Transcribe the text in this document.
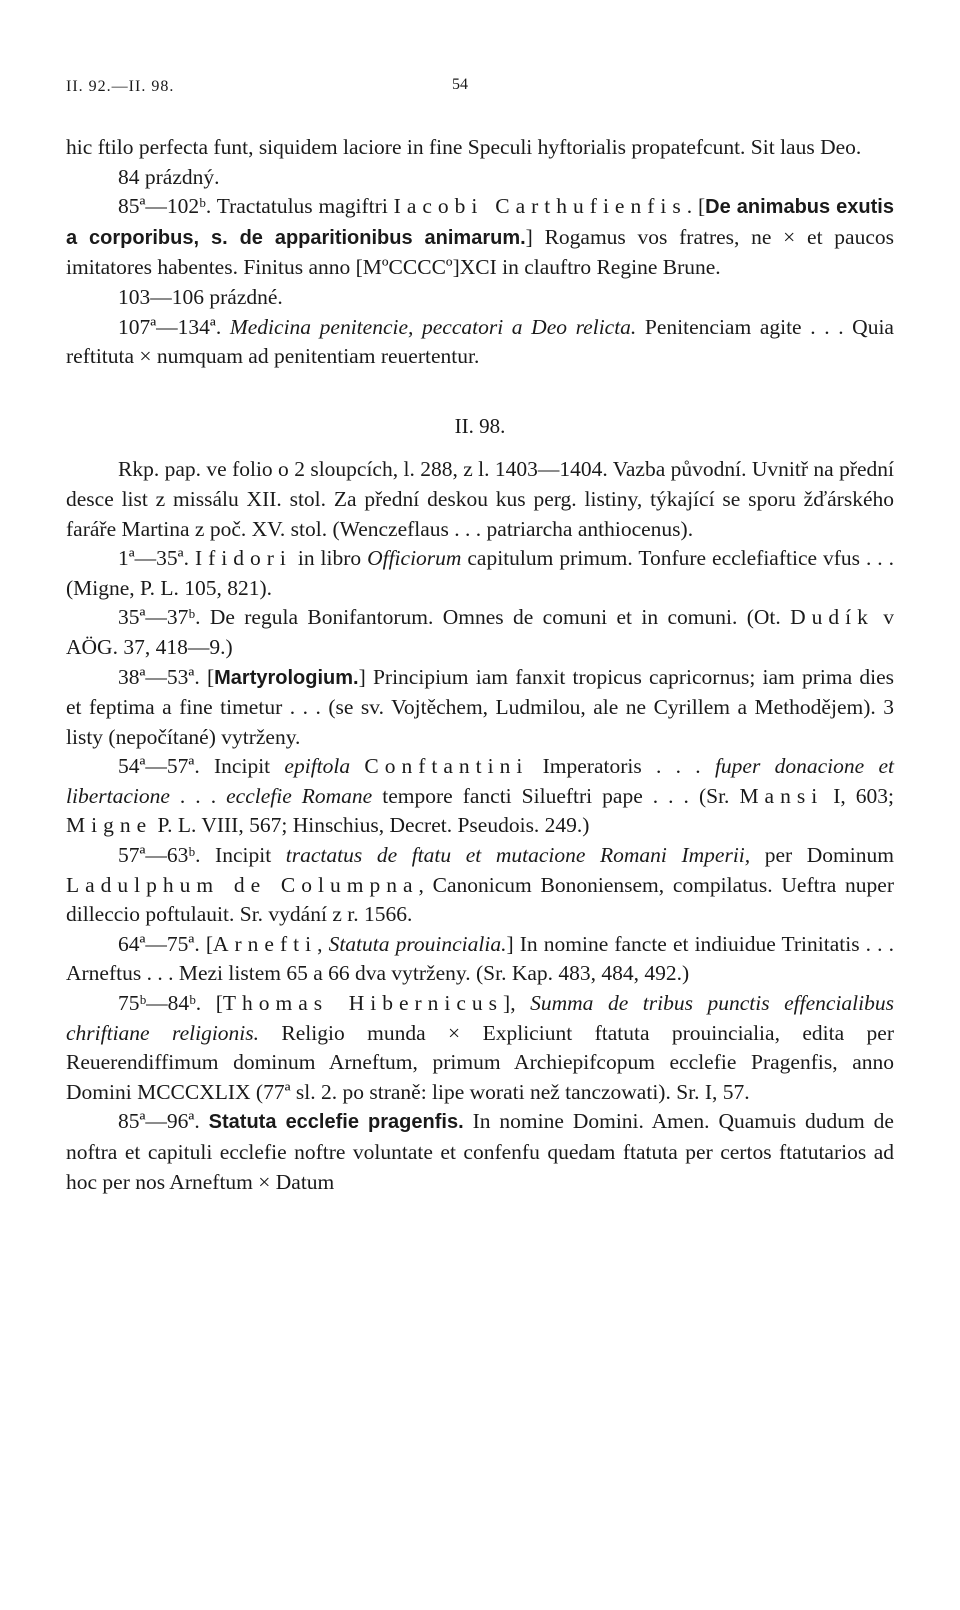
II. 92.—II. 98.	54

hic ftilo perfecta funt, siquidem laciore in fine Speculi hyftorialis propatefcunt. Sit laus Deo.

84 prázdný.

85ª—102ᵇ. Tractatulus magiftri Iacobi Carthufienfis. [De animabus exutis a corporibus, s. de apparitionibus animarum.] Rogamus vos fratres, ne × et paucos imitatores habentes. Finitus anno [MºCCCCº]XCI in clauftro Regine Brune.

103—106 prázdné.

107ª—134ª. Medicina penitencie, peccatori a Deo relicta. Penitenciam agite . . . Quia reftituta × numquam ad penitentiam reuertentur.

II. 98.

Rkp. pap. ve folio o 2 sloupcích, l. 288, z l. 1403—1404. Vazba původní. Uvnitř na přední desce list z missálu XII. stol. Za přední deskou kus perg. listiny, týkající se sporu žďárského faráře Martina z poč. XV. stol. (Wenczeflaus . . . patriarcha anthiocenus).

1ª—35ª. Ifidori in libro Officiorum capitulum primum. Tonfure ecclefiaftice vfus . . . (Migne, P. L. 105, 821).

35ª—37ᵇ. De regula Bonifantorum. Omnes de comuni et in comuni. (Ot. Dudík v AÖG. 37, 418—9.)

38ª—53ª. [Martyrologium.] Principium iam fanxit tropicus capricornus; iam prima dies et feptima a fine timetur . . . (se sv. Vojtěchem, Ludmilou, ale ne Cyrillem a Methodějem). 3 listy (nepočítané) vytrženy.

54ª—57ª. Incipit epiftola Conftantini Imperatoris . . . fuper donacione et libertacione . . . ecclefie Romane tempore fancti Silueftri pape . . . (Sr. Mansi I, 603; Migne P. L. VIII, 567; Hinschius, Decret. Pseudois. 249.)

57ª—63ᵇ. Incipit tractatus de ftatu et mutacione Romani Imperii, per Dominum Ladulphum de Columpna, Canonicum Bononiensem, compilatus. Ueftra nuper dilleccio poftulauit. Sr. vydání z r. 1566.

64ª—75ª. [Arnefti, Statuta prouincialia.] In nomine fancte et indiuidue Trinitatis . . . Arneftus . . . Mezi listem 65 a 66 dva vytrženy. (Sr. Kap. 483, 484, 492.)

75ᵇ—84ᵇ. [Thomas Hibernicus], Summa de tribus punctis effencialibus chriftiane religionis. Religio munda × Expliciunt ftatuta prouincialia, edita per Reuerendiffimum dominum Arneftum, primum Archiepifcopum ecclefie Pragenfis, anno Domini MCCCXLIX (77ª sl. 2. po straně: lipe worati než tanczowati). Sr. I, 57.

85ª—96ª. Statuta ecclefie pragenfis. In nomine Domini. Amen. Quamuis dudum de noftra et capituli ecclefie noftre voluntate et confenfu quedam ftatuta per certos ftatutarios ad hoc per nos Arneftum × Datum
